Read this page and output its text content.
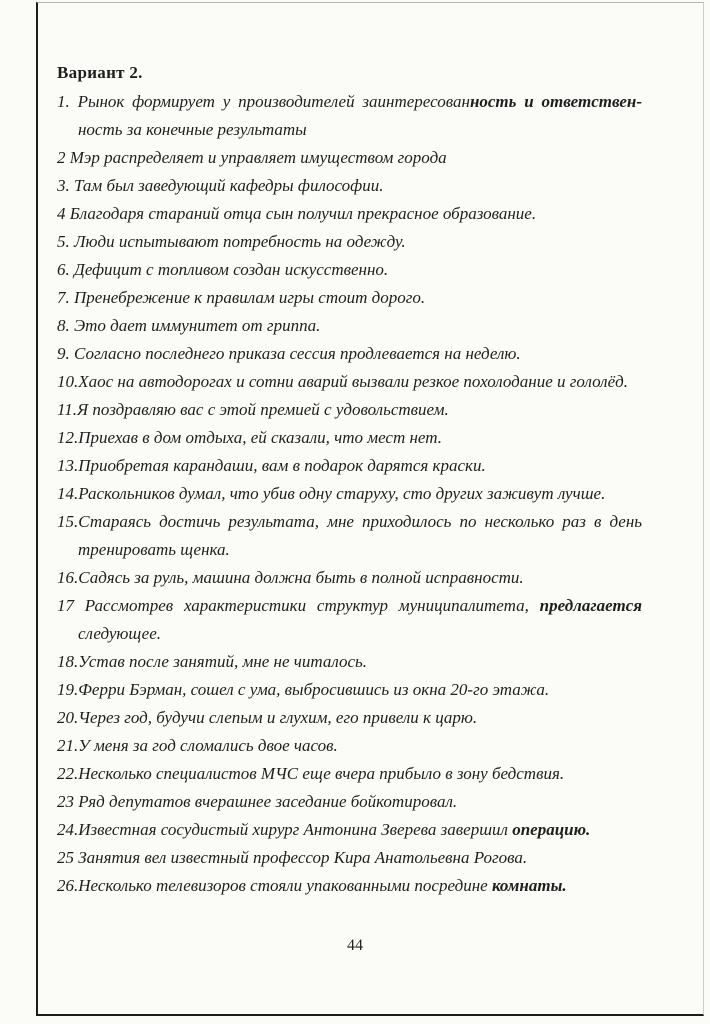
Вариант 2.
1. Рынок формирует у производителей заинтересованность и ответствен-
ность за конечные результаты
2 Мэр распределяет и управляет имуществом города
3. Там был заведующий кафедры философии.
4 Благодаря стараний отца сын получил прекрасное образование.
5. Люди испытывают потребность на одежду.
6. Дефицит с топливом создан искусственно.
7. Пренебрежение к правилам игры стоит дорого.
8. Это дает иммунитет от гриппа.
9. Согласно последнего приказа сессия продлевается на неделю.
10.Хаос на автодорогах и сотни аварий вызвали резкое похолодание и гололёд.
11.Я поздравляю вас с этой премией с удовольствием.
12.Приехав в дом отдыха, ей сказали, что мест нет.
13.Приобретая карандаши, вам в подарок дарятся краски.
14.Раскольников думал, что убив одну старуху, сто других заживут лучше.
15.Стараясь достичь результата, мне приходилось по несколько раз в день
тренировать щенка.
16.Садясь за руль, машина должна быть в полной исправности.
17 Рассмотрев характеристики структур муниципалитета, предлагается
следующее.
18.Устав после занятий, мне не читалось.
19.Ферри Бэрман, сошел с ума, выбросившись из окна 20-го этажа.
20.Через год, будучи слепым и глухим, его привели к царю.
21.У меня за год сломались двое часов.
22.Несколько специалистов МЧС еще вчера прибыло в зону бедствия.
23 Ряд депутатов вчерашнее заседание бойкотировал.
24.Известная сосудистый хирург Антонина Зверева завершил операцию.
25 Занятия вел известный профессор Кира Анатольевна Рогова.
26.Несколько телевизоров стояли упакованными посредине комнаты.
44
